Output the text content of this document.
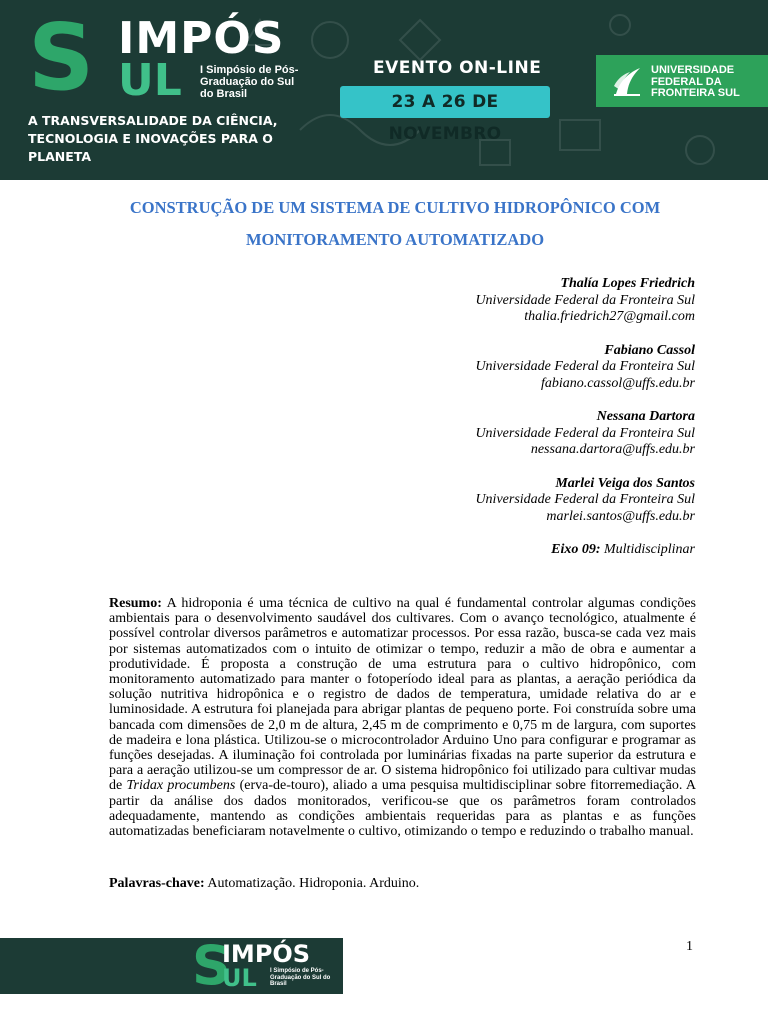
S IMPÓS
UL I Simpósio de Pós-Graduação do Sul do Brasil
A TRANSVERSALIDADE DA CIÊNCIA, TECNOLOGIA E INOVAÇÕES PARA O PLANETA
EVENTO ON-LINE
23 A 26 DE NOVEMBRO
UNIVERSIDADE FEDERAL DA FRONTEIRA SUL
CONSTRUÇÃO DE UM SISTEMA DE CULTIVO HIDROPÔNICO COM MONITORAMENTO AUTOMATIZADO
Thalía Lopes Friedrich
Universidade Federal da Fronteira Sul
thalia.friedrich27@gmail.com
Fabiano Cassol
Universidade Federal da Fronteira Sul
fabiano.cassol@uffs.edu.br
Nessana Dartora
Universidade Federal da Fronteira Sul
nessana.dartora@uffs.edu.br
Marlei Veiga dos Santos
Universidade Federal da Fronteira Sul
marlei.santos@uffs.edu.br
Eixo 09: Multidisciplinar
Resumo: A hidroponia é uma técnica de cultivo na qual é fundamental controlar algumas condições ambientais para o desenvolvimento saudável dos cultivares. Com o avanço tecnológico, atualmente é possível controlar diversos parâmetros e automatizar processos. Por essa razão, busca-se cada vez mais por sistemas automatizados com o intuito de otimizar o tempo, reduzir a mão de obra e aumentar a produtividade. É proposta a construção de uma estrutura para o cultivo hidropônico, com monitoramento automatizado para manter o fotoperíodo ideal para as plantas, a aeração periódica da solução nutritiva hidropônica e o registro de dados de temperatura, umidade relativa do ar e luminosidade. A estrutura foi planejada para abrigar plantas de pequeno porte. Foi construída sobre uma bancada com dimensões de 2,0 m de altura, 2,45 m de comprimento e 0,75 m de largura, com suportes de madeira e lona plástica. Utilizou-se o microcontrolador Arduino Uno para configurar e programar as funções desejadas. A iluminação foi controlada por luminárias fixadas na parte superior da estrutura e para a aeração utilizou-se um compressor de ar. O sistema hidropônico foi utilizado para cultivar mudas de Tridax procumbens (erva-de-touro), aliado a uma pesquisa multidisciplinar sobre fitorremediação. A partir da análise dos dados monitorados, verificou-se que os parâmetros foram controlados adequadamente, mantendo as condições ambientais requeridas para as plantas e as funções automatizadas beneficiaram notavelmente o cultivo, otimizando o tempo e reduzindo o trabalho manual.
Palavras-chave: Automatização. Hidroponia. Arduino.
1
S
IMPÓS
UL I Simpósio de Pós-Graduação do Sul do Brasil
